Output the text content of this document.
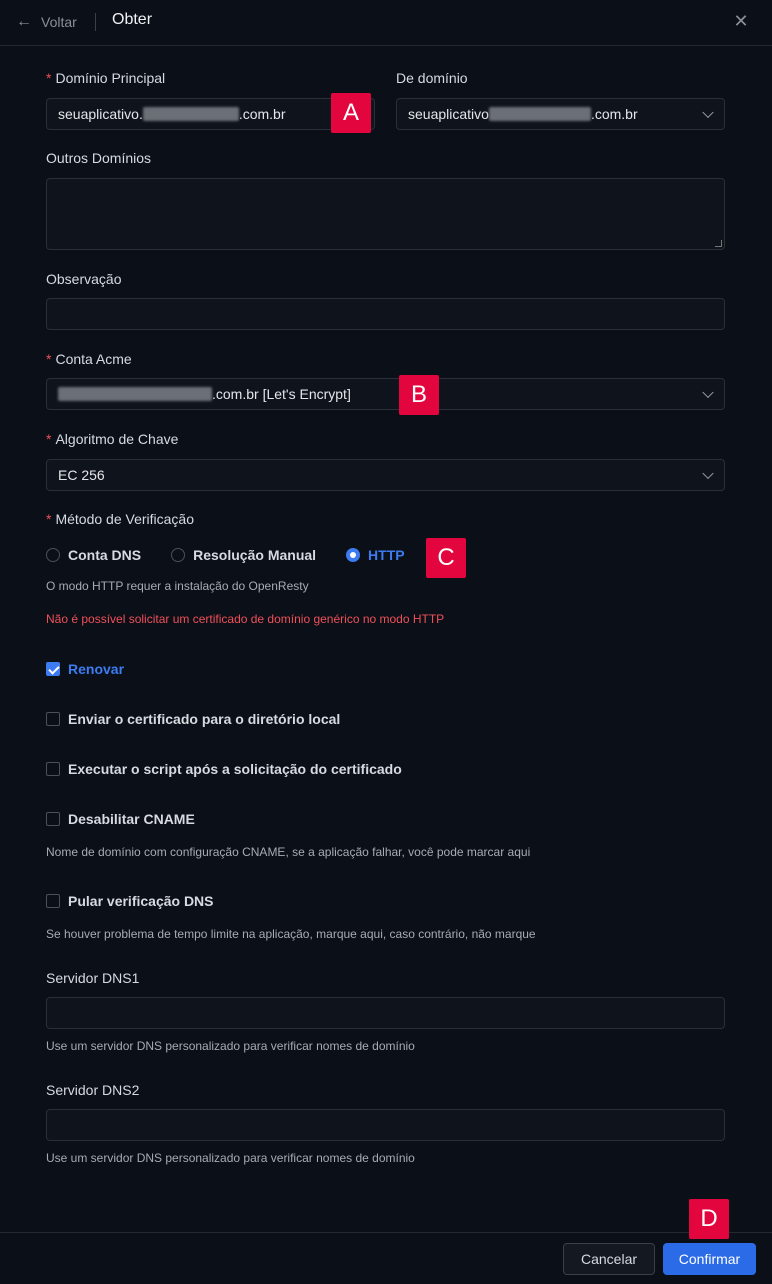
← Voltar Obter	✕
* Domínio Principal
seuaplicativo.	.com.br	A
De domínio
seuaplicativo	.com.br
Outros Domínios
Observação
* Conta Acme
.com.br [Let's Encrypt]	B
* Algoritmo de Chave
EC 256
* Método de Verificação
Conta DNS	Resolução Manual	HTTP	C
O modo HTTP requer a instalação do OpenResty
Não é possível solicitar um certificado de domínio genérico no modo HTTP
Renovar
Enviar o certificado para o diretório local
Executar o script após a solicitação do certificado
Desabilitar CNAME
Nome de domínio com configuração CNAME, se a aplicação falhar, você pode marcar aqui
Pular verificação DNS
Se houver problema de tempo limite na aplicação, marque aqui, caso contrário, não marque
Servidor DNS1
Use um servidor DNS personalizado para verificar nomes de domínio
Servidor DNS2
Use um servidor DNS personalizado para verificar nomes de domínio
D
Cancelar	Confirmar
